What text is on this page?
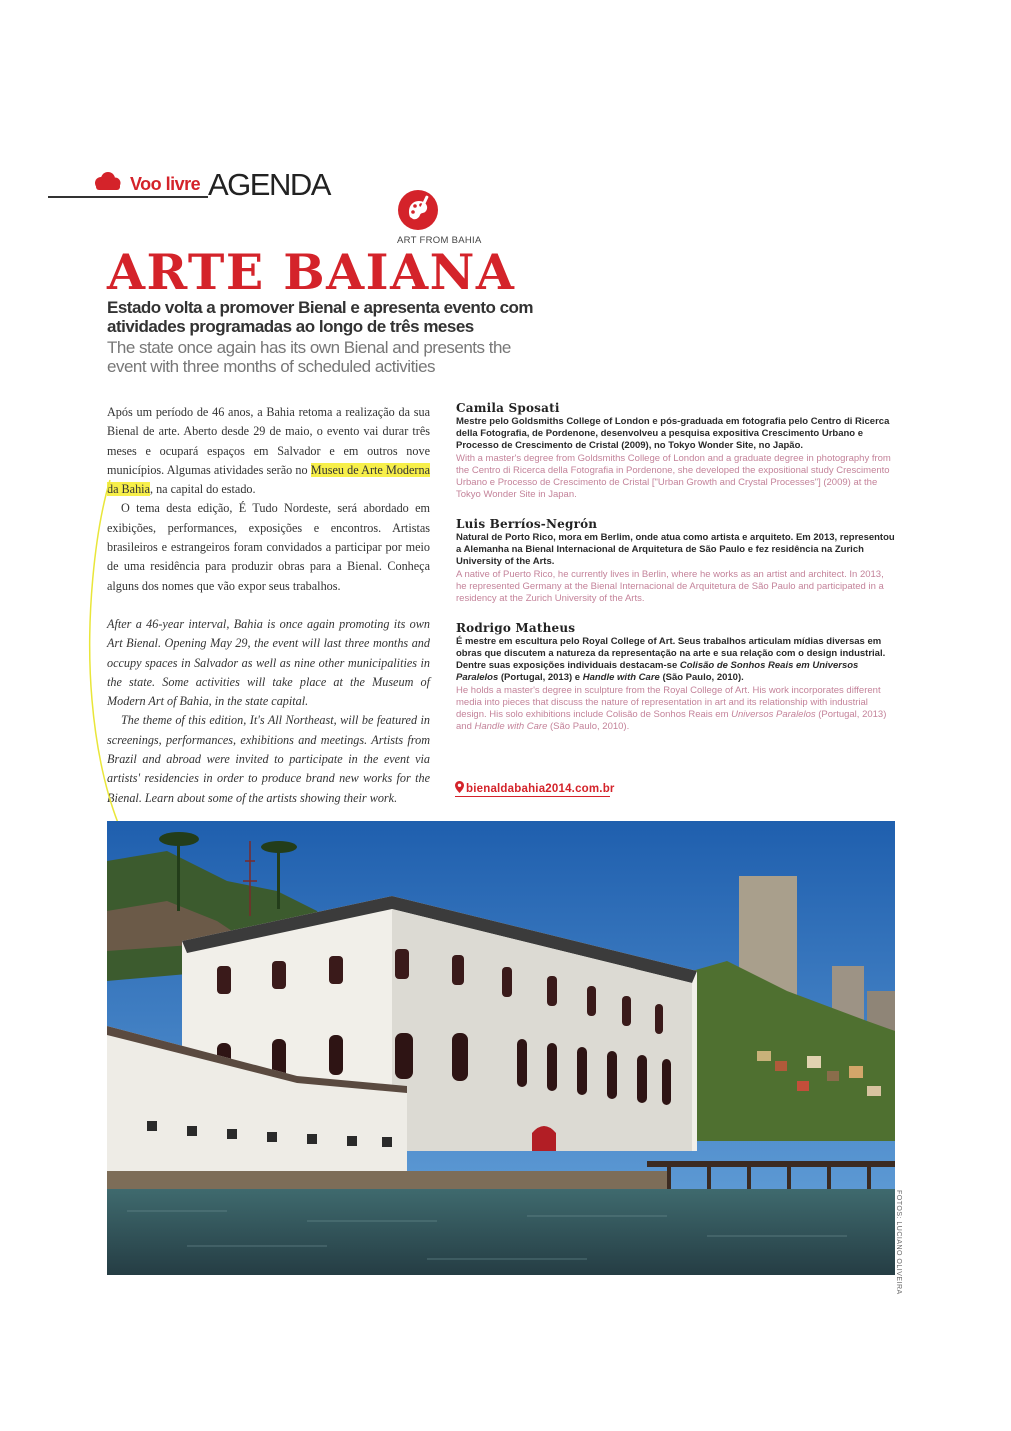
Voo livre AGENDA
ART FROM BAHIA
ARTE BAIANA
Estado volta a promover Bienal e apresenta evento com atividades programadas ao longo de três meses
The state once again has its own Bienal and presents the event with three months of scheduled activities

Após um período de 46 anos, a Bahia retoma a realização da sua Bienal de arte. Aberto desde 29 de maio, o evento vai durar três meses e ocupará espaços em Salvador e em outros nove municípios. Algumas atividades serão no Museu de Arte Moderna da Bahia, na capital do estado.

O tema desta edição, É Tudo Nordeste, será abordado em exibições, performances, exposições e encontros. Artistas brasileiros e estrangeiros foram convidados a participar por meio de uma residência para produzir obras para a Bienal. Conheça alguns dos nomes que vão expor seus trabalhos.

After a 46-year interval, Bahia is once again promoting its own Art Bienal. Opening May 29, the event will last three months and occupy spaces in Salvador as well as nine other municipalities in the state. Some activities will take place at the Museum of Modern Art of Bahia, in the state capital.

The theme of this edition, It's All Northeast, will be featured in screenings, performances, exhibitions and meetings. Artists from Brazil and abroad were invited to participate in the event via artists' residencies in order to produce brand new works for the Bienal. Learn about some of the artists showing their work.

Camila Sposati
Mestre pelo Goldsmiths College of London e pós-graduada em fotografia pelo Centro di Ricerca della Fotografia, de Pordenone, desenvolveu a pesquisa expositiva Crescimento Urbano e Processo de Crescimento de Cristal (2009), no Tokyo Wonder Site, no Japão.
With a master's degree from Goldsmiths College of London and a graduate degree in photography from the Centro di Ricerca della Fotografia in Pordenone, she developed the expositional study Crescimento Urbano e Processo de Crescimento de Cristal ["Urban Growth and Crystal Processes"] (2009) at the Tokyo Wonder Site in Japan.
Luis Berríos-Negrón
Natural de Porto Rico, mora em Berlim, onde atua como artista e arquiteto. Em 2013, representou a Alemanha na Bienal Internacional de Arquitetura de São Paulo e fez residência na Zurich University of the Arts.
A native of Puerto Rico, he currently lives in Berlin, where he works as an artist and architect. In 2013, he represented Germany at the Bienal Internacional de Arquitetura de São Paulo and participated in a residency at the Zurich University of the Arts.
Rodrigo Matheus
É mestre em escultura pelo Royal College of Art. Seus trabalhos articulam mídias diversas em obras que discutem a natureza da representação na arte e sua relação com o design industrial. Dentre suas exposições individuais destacam-se Colisão de Sonhos Reais em Universos Paralelos (Portugal, 2013) e Handle with Care (São Paulo, 2010).
He holds a master's degree in sculpture from the Royal College of Art. His work incorporates different media into pieces that discuss the nature of representation in art and its relationship with industrial design. His solo exhibitions include Colisão de Sonhos Reais em Universos Paralelos (Portugal, 2013) and Handle with Care (São Paulo, 2010).
bienaldabahia2014.com.br
FOTOS: LUCIANO OLIVEIRA
